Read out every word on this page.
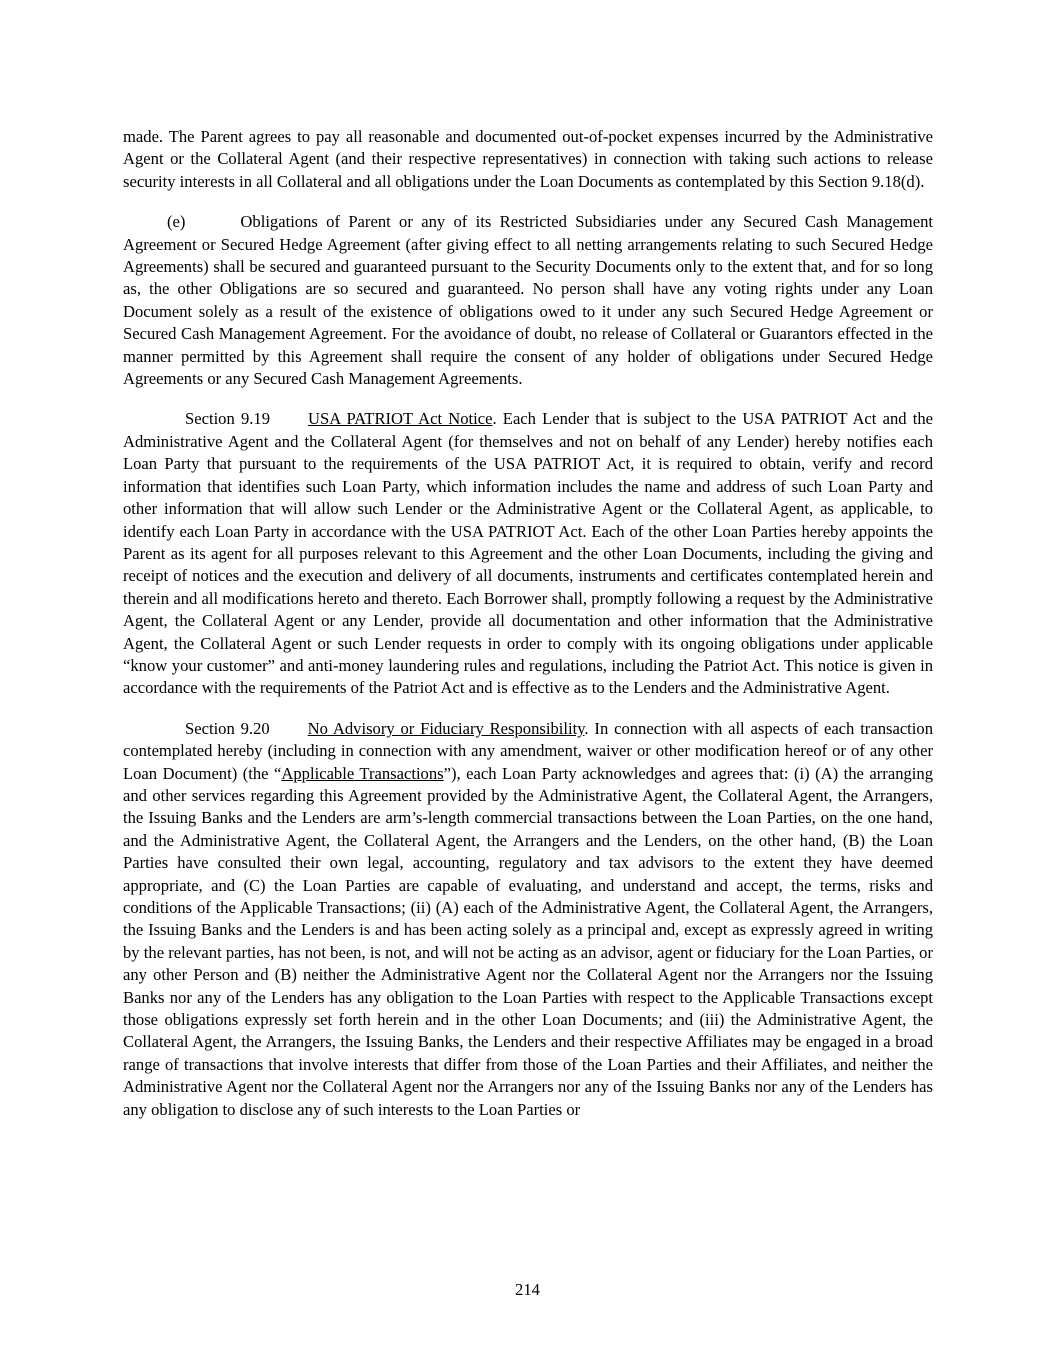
made. The Parent agrees to pay all reasonable and documented out-of-pocket expenses incurred by the Administrative Agent or the Collateral Agent (and their respective representatives) in connection with taking such actions to release security interests in all Collateral and all obligations under the Loan Documents as contemplated by this Section 9.18(d).

(e)	Obligations of Parent or any of its Restricted Subsidiaries under any Secured Cash Management Agreement or Secured Hedge Agreement (after giving effect to all netting arrangements relating to such Secured Hedge Agreements) shall be secured and guaranteed pursuant to the Security Documents only to the extent that, and for so long as, the other Obligations are so secured and guaranteed. No person shall have any voting rights under any Loan Document solely as a result of the existence of obligations owed to it under any such Secured Hedge Agreement or Secured Cash Management Agreement. For the avoidance of doubt, no release of Collateral or Guarantors effected in the manner permitted by this Agreement shall require the consent of any holder of obligations under Secured Hedge Agreements or any Secured Cash Management Agreements.

Section 9.19 USA PATRIOT Act Notice. Each Lender that is subject to the USA PATRIOT Act and the Administrative Agent and the Collateral Agent (for themselves and not on behalf of any Lender) hereby notifies each Loan Party that pursuant to the requirements of the USA PATRIOT Act, it is required to obtain, verify and record information that identifies such Loan Party, which information includes the name and address of such Loan Party and other information that will allow such Lender or the Administrative Agent or the Collateral Agent, as applicable, to identify each Loan Party in accordance with the USA PATRIOT Act. Each of the other Loan Parties hereby appoints the Parent as its agent for all purposes relevant to this Agreement and the other Loan Documents, including the giving and receipt of notices and the execution and delivery of all documents, instruments and certificates contemplated herein and therein and all modifications hereto and thereto. Each Borrower shall, promptly following a request by the Administrative Agent, the Collateral Agent or any Lender, provide all documentation and other information that the Administrative Agent, the Collateral Agent or such Lender requests in order to comply with its ongoing obligations under applicable “know your customer” and anti-money laundering rules and regulations, including the Patriot Act. This notice is given in accordance with the requirements of the Patriot Act and is effective as to the Lenders and the Administrative Agent.

Section 9.20 No Advisory or Fiduciary Responsibility. In connection with all aspects of each transaction contemplated hereby (including in connection with any amendment, waiver or other modification hereof or of any other Loan Document) (the “Applicable Transactions”), each Loan Party acknowledges and agrees that: (i) (A) the arranging and other services regarding this Agreement provided by the Administrative Agent, the Collateral Agent, the Arrangers, the Issuing Banks and the Lenders are arm’s-length commercial transactions between the Loan Parties, on the one hand, and the Administrative Agent, the Collateral Agent, the Arrangers and the Lenders, on the other hand, (B) the Loan Parties have consulted their own legal, accounting, regulatory and tax advisors to the extent they have deemed appropriate, and (C) the Loan Parties are capable of evaluating, and understand and accept, the terms, risks and conditions of the Applicable Transactions; (ii) (A) each of the Administrative Agent, the Collateral Agent, the Arrangers, the Issuing Banks and the Lenders is and has been acting solely as a principal and, except as expressly agreed in writing by the relevant parties, has not been, is not, and will not be acting as an advisor, agent or fiduciary for the Loan Parties, or any other Person and (B) neither the Administrative Agent nor the Collateral Agent nor the Arrangers nor the Issuing Banks nor any of the Lenders has any obligation to the Loan Parties with respect to the Applicable Transactions except those obligations expressly set forth herein and in the other Loan Documents; and (iii) the Administrative Agent, the Collateral Agent, the Arrangers, the Issuing Banks, the Lenders and their respective Affiliates may be engaged in a broad range of transactions that involve interests that differ from those of the Loan Parties and their Affiliates, and neither the Administrative Agent nor the Collateral Agent nor the Arrangers nor any of the Issuing Banks nor any of the Lenders has any obligation to disclose any of such interests to the Loan Parties or

214
